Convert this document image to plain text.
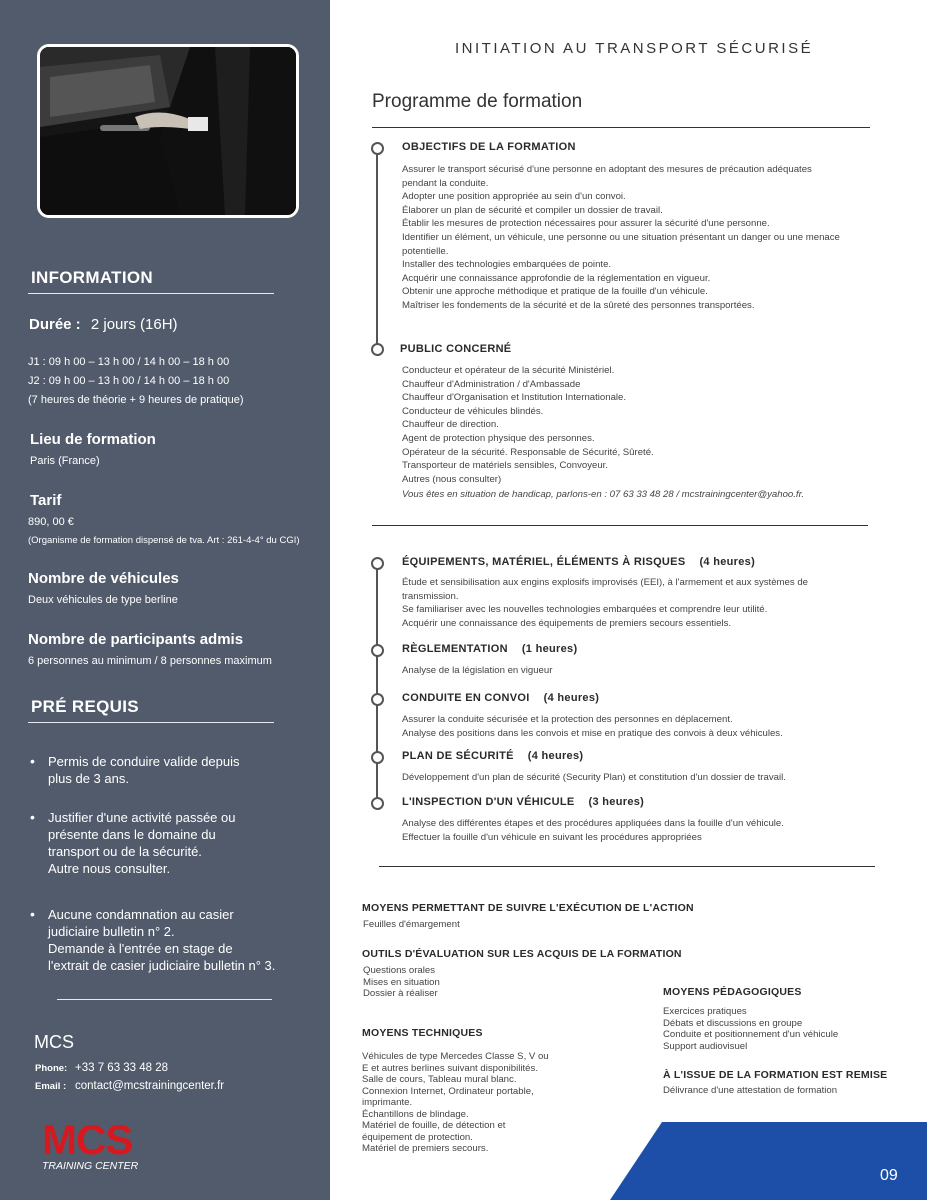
INFORMATION
Durée : 2 jours (16H)
J1 : 09 h 00 – 13 h 00 / 14 h 00 – 18 h 00
J2 : 09 h 00 – 13 h 00 / 14 h 00 – 18 h 00
(7 heures de théorie + 9 heures de pratique)
Lieu de formation
Paris (France)
Tarif
890, 00 €
(Organisme de formation dispensé de tva. Art : 261-4-4° du CGI)
Nombre de véhicules
Deux véhicules de type berline
Nombre de participants admis
6 personnes au minimum / 8 personnes maximum
PRÉ REQUIS
• Permis de conduire valide depuis
plus de 3 ans.
• Justifier d'une activité passée ou
présente dans le domaine du
transport ou de la sécurité.
Autre nous consulter.
• Aucune condamnation au casier
judiciaire bulletin n° 2.
Demande à l'entrée en stage de
l'extrait de casier judiciaire bulletin n° 3.
MCS
Phone: +33 7 63 33 48 28
Email : contact@mcstrainingcenter.fr
MCS
TRAINING CENTER
INITIATION AU TRANSPORT SÉCURISÉ
Programme de formation
OBJECTIFS DE LA FORMATION
Assurer le transport sécurisé d'une personne en adoptant des mesures de précaution adéquates
pendant la conduite.
Adopter une position appropriée au sein d'un convoi.
Élaborer un plan de sécurité et compiler un dossier de travail.
Établir les mesures de protection nécessaires pour assurer la sécurité d'une personne.
Identifier un élément, un véhicule, une personne ou une situation présentant un danger ou une menace
potentielle.
Installer des technologies embarquées de pointe.
Acquérir une connaissance approfondie de la réglementation en vigueur.
Obtenir une approche méthodique et pratique de la fouille d'un véhicule.
Maîtriser les fondements de la sécurité et de la sûreté des personnes transportées.
PUBLIC CONCERNÉ
Conducteur et opérateur de la sécurité Ministériel.
Chauffeur d'Administration / d'Ambassade
Chauffeur d'Organisation et Institution Internationale.
Conducteur de véhicules blindés.
Chauffeur de direction.
Agent de protection physique des personnes.
Opérateur de la sécurité. Responsable de Sécurité, Sûreté.
Transporteur de matériels sensibles, Convoyeur.
Autres (nous consulter)
Vous êtes en situation de handicap, parlons-en : 07 63 33 48 28 / mcstrainingcenter@yahoo.fr.
ÉQUIPEMENTS, MATÉRIEL, ÉLÉMENTS À RISQUES (4 heures)
Étude et sensibilisation aux engins explosifs improvisés (EEI), à l'armement et aux systèmes de
transmission.
Se familiariser avec les nouvelles technologies embarquées et comprendre leur utilité.
Acquérir une connaissance des équipements de premiers secours essentiels.
RÈGLEMENTATION (1 heures)
Analyse de la législation en vigueur
CONDUITE EN CONVOI (4 heures)
Assurer la conduite sécurisée et la protection des personnes en déplacement.
Analyse des positions dans les convois et mise en pratique des convois à deux véhicules.
PLAN DE SÉCURITÉ (4 heures)
Développement d'un plan de sécurité (Security Plan) et constitution d'un dossier de travail.
L'INSPECTION D'UN VÉHICULE (3 heures)
Analyse des différentes étapes et des procédures appliquées dans la fouille d'un véhicule.
Effectuer la fouille d'un véhicule en suivant les procédures appropriées
MOYENS PERMETTANT DE SUIVRE L'EXÉCUTION DE L'ACTION
Feuilles d'émargement
OUTILS D'ÉVALUATION SUR LES ACQUIS DE LA FORMATION
Questions orales
Mises en situation
Dossier à réaliser
MOYENS TECHNIQUES
Véhicules de type Mercedes Classe S, V ou
E et autres berlines suivant disponibilités.
Salle de cours, Tableau mural blanc.
Connexion Internet, Ordinateur portable,
imprimante.
Échantillons de blindage.
Matériel de fouille, de détection et
équipement de protection.
Matériel de premiers secours.
MOYENS PÉDAGOGIQUES
Exercices pratiques
Débats et discussions en groupe
Conduite et positionnement d'un véhicule
Support audiovisuel
À L'ISSUE DE LA FORMATION EST REMISE
Délivrance d'une attestation de formation
09
